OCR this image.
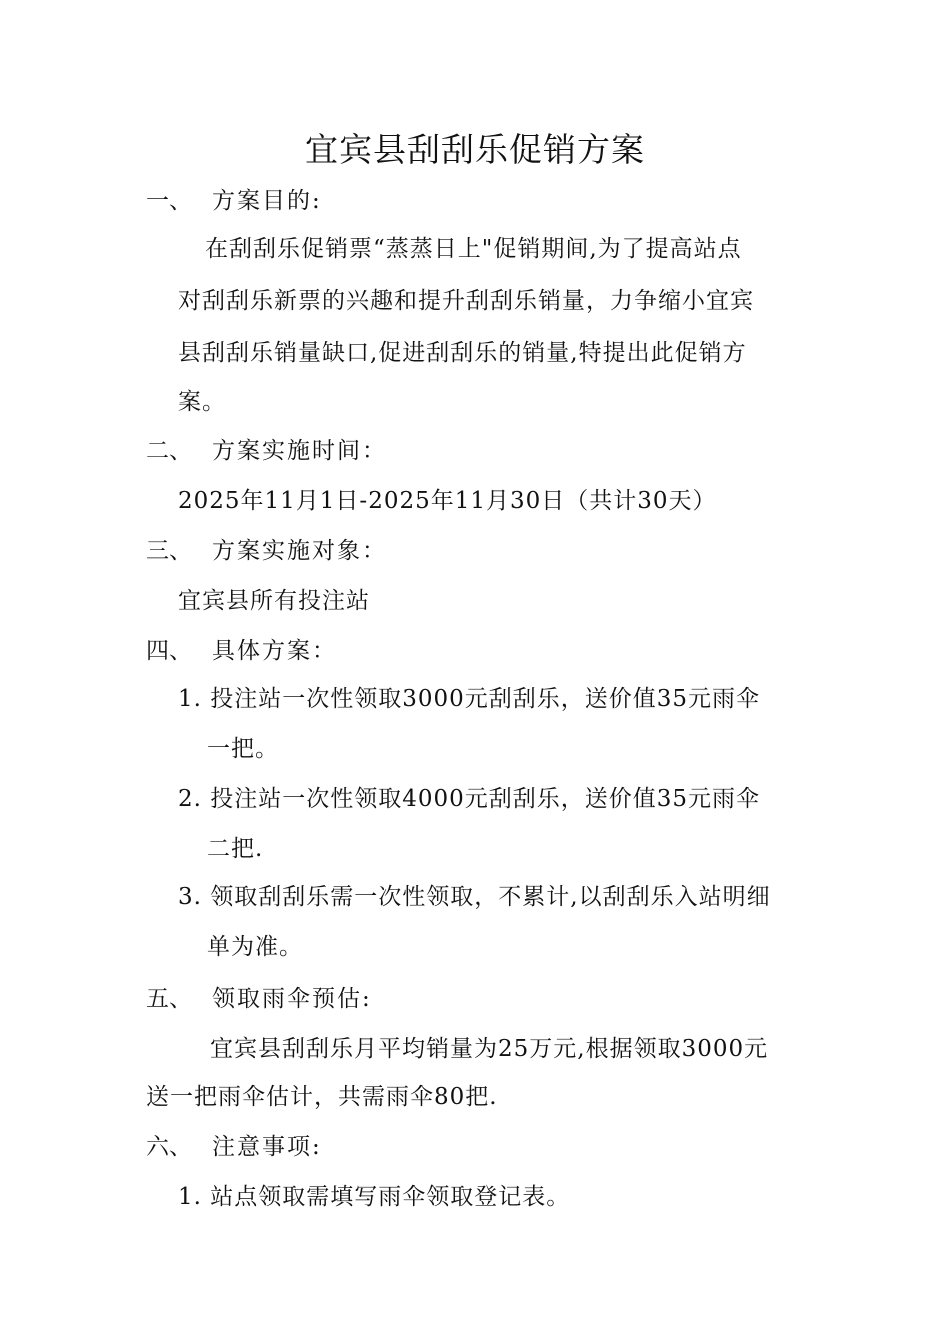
宜宾县刮刮乐促销方案
一、 方案目的:
在刮刮乐促销票“蒸蒸日上"促销期间,为了提高站点
对刮刮乐新票的兴趣和提升刮刮乐销量，力争缩小宜宾
县刮刮乐销量缺口,促进刮刮乐的销量,特提出此促销方
案。
二、 方案实施时间：
2025年11月1日-2025年11月30日（共计30天）
三、 方案实施对象：
宜宾县所有投注站
四、 具体方案：
1. 投注站一次性领取3000元刮刮乐，送价值35元雨伞
一把。
2. 投注站一次性领取4000元刮刮乐，送价值35元雨伞
二把.
3. 领取刮刮乐需一次性领取，不累计,以刮刮乐入站明细
单为准。
五、 领取雨伞预估:
宜宾县刮刮乐月平均销量为25万元,根据领取3000元
送一把雨伞估计，共需雨伞80把.
六、 注意事项:
1. 站点领取需填写雨伞领取登记表。
